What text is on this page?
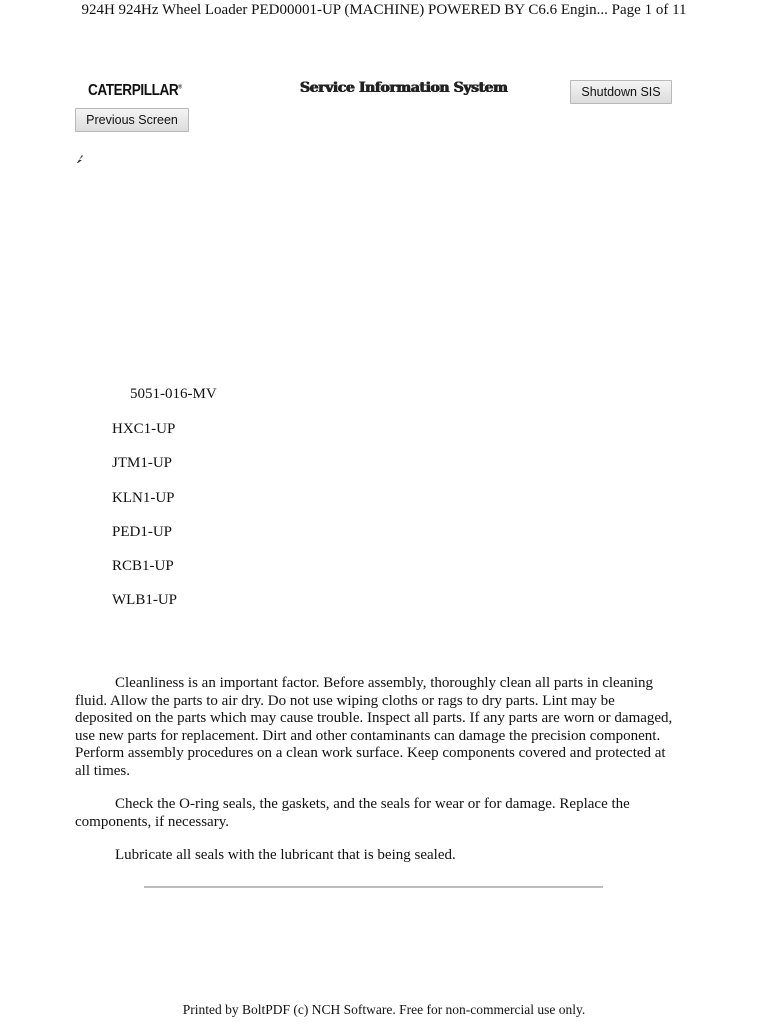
924H 924Hz Wheel Loader PED00001-UP (MACHINE) POWERED BY C6.6 Engin... Page 1 of 11
CATERPILLAR®	Service Information System	Shutdown SIS
Previous Screen
5051-016-MV
HXC1-UP
JTM1-UP
KLN1-UP
PED1-UP
RCB1-UP
WLB1-UP

Cleanliness is an important factor. Before assembly, thoroughly clean all parts in cleaning fluid. Allow the parts to air dry. Do not use wiping cloths or rags to dry parts. Lint may be deposited on the parts which may cause trouble. Inspect all parts. If any parts are worn or damaged, use new parts for replacement. Dirt and other contaminants can damage the precision component. Perform assembly procedures on a clean work surface. Keep components covered and protected at all times.

Check the O-ring seals, the gaskets, and the seals for wear or for damage. Replace the components, if necessary.

Lubricate all seals with the lubricant that is being sealed.

Printed by BoltPDF (c) NCH Software. Free for non-commercial use only.
